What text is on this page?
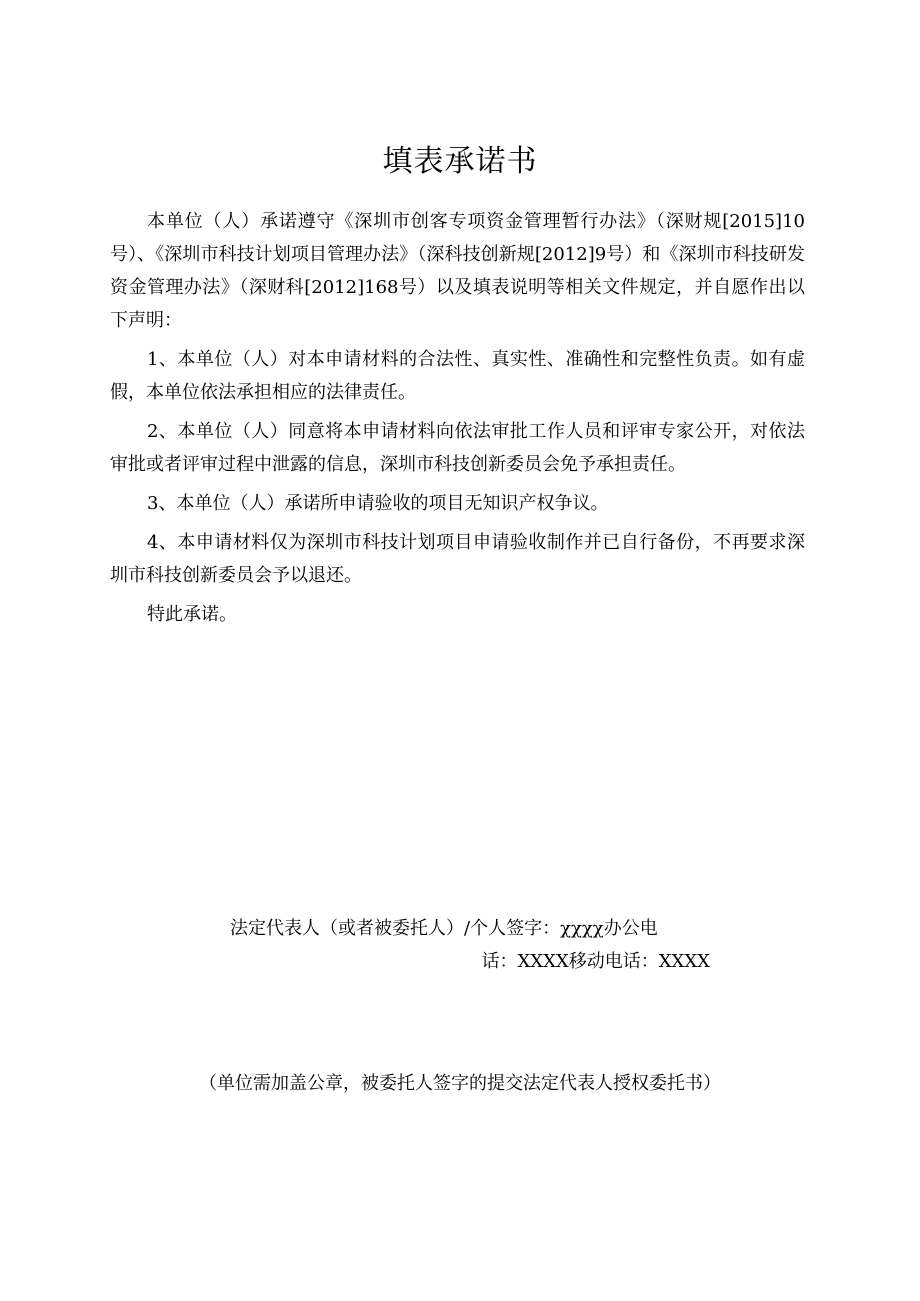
填表承诺书

本单位（人）承诺遵守《深圳市创客专项资金管理暂行办法》（深财规[2015]10号）、《深圳市科技计划项目管理办法》（深科技创新规[2012]9号）和《深圳市科技研发资金管理办法》（深财科[2012]168号）以及填表说明等相关文件规定，并自愿作出以下声明：

1、本单位（人）对本申请材料的合法性、真实性、准确性和完整性负责。如有虚假，本单位依法承担相应的法律责任。

2、本单位（人）同意将本申请材料向依法审批工作人员和评审专家公开，对依法审批或者评审过程中泄露的信息，深圳市科技创新委员会免予承担责任。

3、本单位（人）承诺所申请验收的项目无知识产权争议。

4、本申请材料仅为深圳市科技计划项目申请验收制作并已自行备份，不再要求深圳市科技创新委员会予以退还。

特此承诺。

法定代表人（或者被委托人）/个人签字：χχχχ办公电
话：XXXX移动电话：XXXX
（单位需加盖公章，被委托人签字的提交法定代表人授权委托书）
